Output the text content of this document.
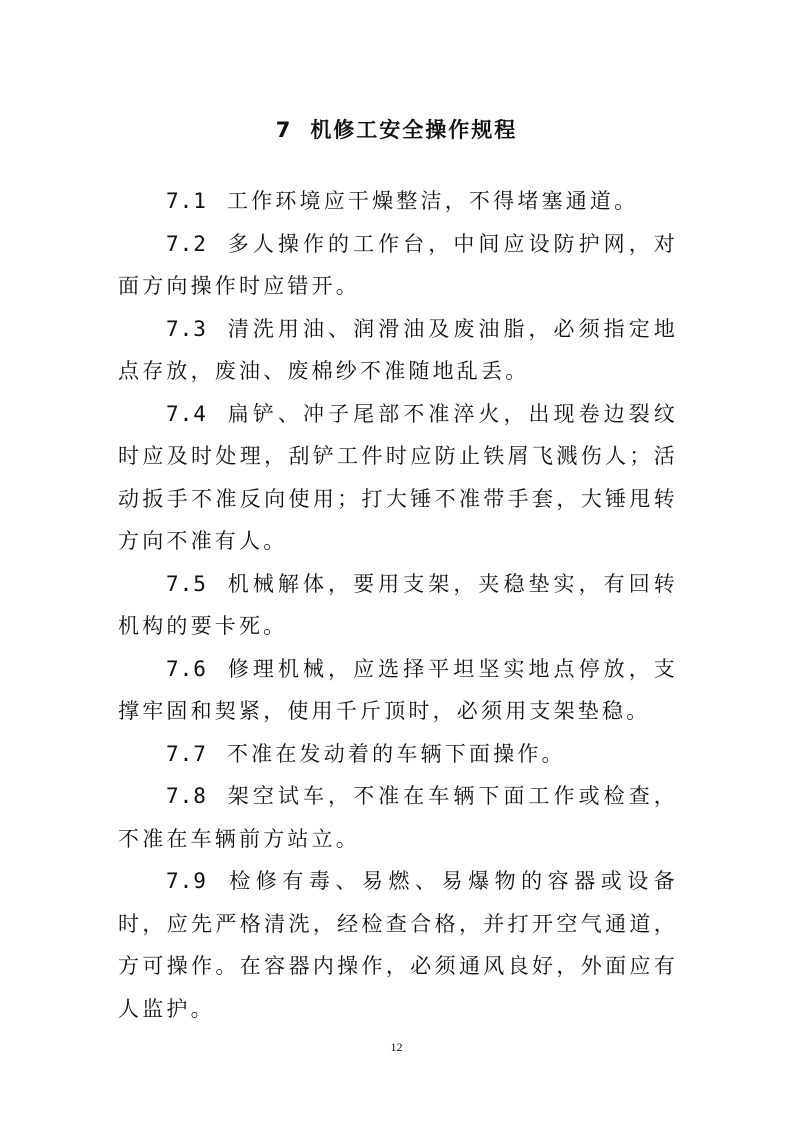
7 机修工安全操作规程

7.1 工作环境应干燥整洁，不得堵塞通道。

7.2 多人操作的工作台，中间应设防护网，对面方向操作时应错开。

7.3 清洗用油、润滑油及废油脂，必须指定地点存放，废油、废棉纱不准随地乱丢。

7.4 扁铲、冲子尾部不准淬火，出现卷边裂纹时应及时处理，刮铲工件时应防止铁屑飞溅伤人；活动扳手不准反向使用；打大锤不准带手套，大锤甩转方向不准有人。

7.5 机械解体，要用支架，夹稳垫实，有回转机构的要卡死。

7.6 修理机械，应选择平坦坚实地点停放，支撑牢固和契紧，使用千斤顶时，必须用支架垫稳。

7.7 不准在发动着的车辆下面操作。

7.8 架空试车，不准在车辆下面工作或检查，不准在车辆前方站立。

7.9 检修有毒、易燃、易爆物的容器或设备时，应先严格清洗，经检查合格，并打开空气通道，方可操作。在容器内操作，必须通风良好，外面应有人监护。

12
